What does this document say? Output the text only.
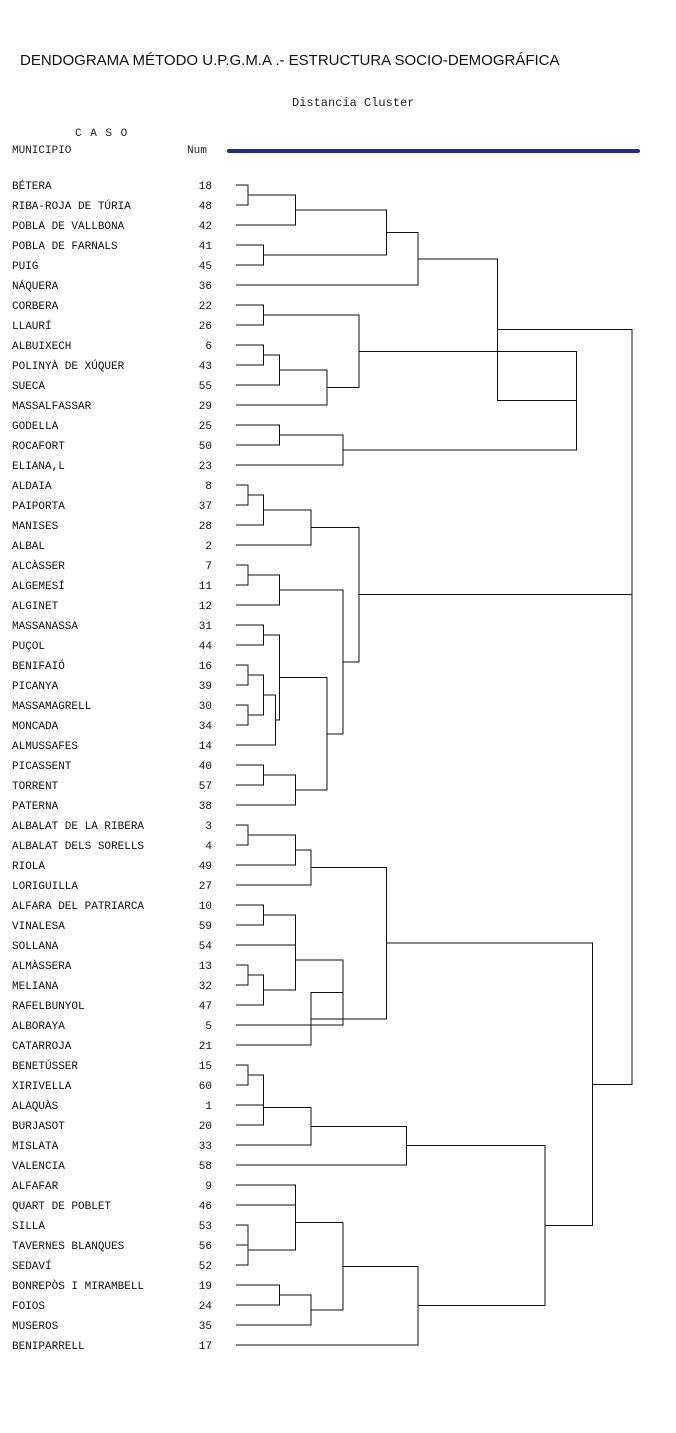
DENDOGRAMA MÉTODO U.P.G.M.A .- ESTRUCTURA SOCIO-DEMOGRÁFICA
Distancia Cluster
C A S O
MUNICIPIO	Num
BÉTERA	18
RIBA-ROJA DE TÚRIA	48
POBLA DE VALLBONA	42
POBLA DE FARNALS	41
PUIG	45
NÁQUERA	36
CORBERA	22
LLAURÍ	26
ALBUIXECH	6
POLINYÀ DE XÚQUER	43
SUECA	55
MASSALFASSAR	29
GODELLA	25
ROCAFORT	50
ELIANA,L	23
ALDAIA	8
PAIPORTA	37
MANISES	28
ALBAL	2
ALCÀSSER	7
ALGEMESÍ	11
ALGINET	12
MASSANASSA	31
PUÇOL	44
BENIFAIÓ	16
PICANYA	39
MASSAMAGRELL	30
MONCADA	34
ALMUSSAFES	14
PICASSENT	40
TORRENT	57
PATERNA	38
ALBALAT DE LA RIBERA	3
ALBALAT DELS SORELLS	4
RIOLA	49
LORIGUILLA	27
ALFARA DEL PATRIARCA	10
VINALESA	59
SOLLANA	54
ALMÀSSERA	13
MELIANA	32
RAFELBUNYOL	47
ALBORAYA	5
CATARROJA	21
BENETÚSSER	15
XIRIVELLA	60
ALAQUÀS	1
BURJASOT	20
MISLATA	33
VALENCIA	58
ALFAFAR	9
QUART DE POBLET	46
SILLA	53
TAVERNES BLANQUES	56
SEDAVÍ	52
BONREPÒS I MIRAMBELL	19
FOIOS	24
MUSEROS	35
BENIPARRELL	17
